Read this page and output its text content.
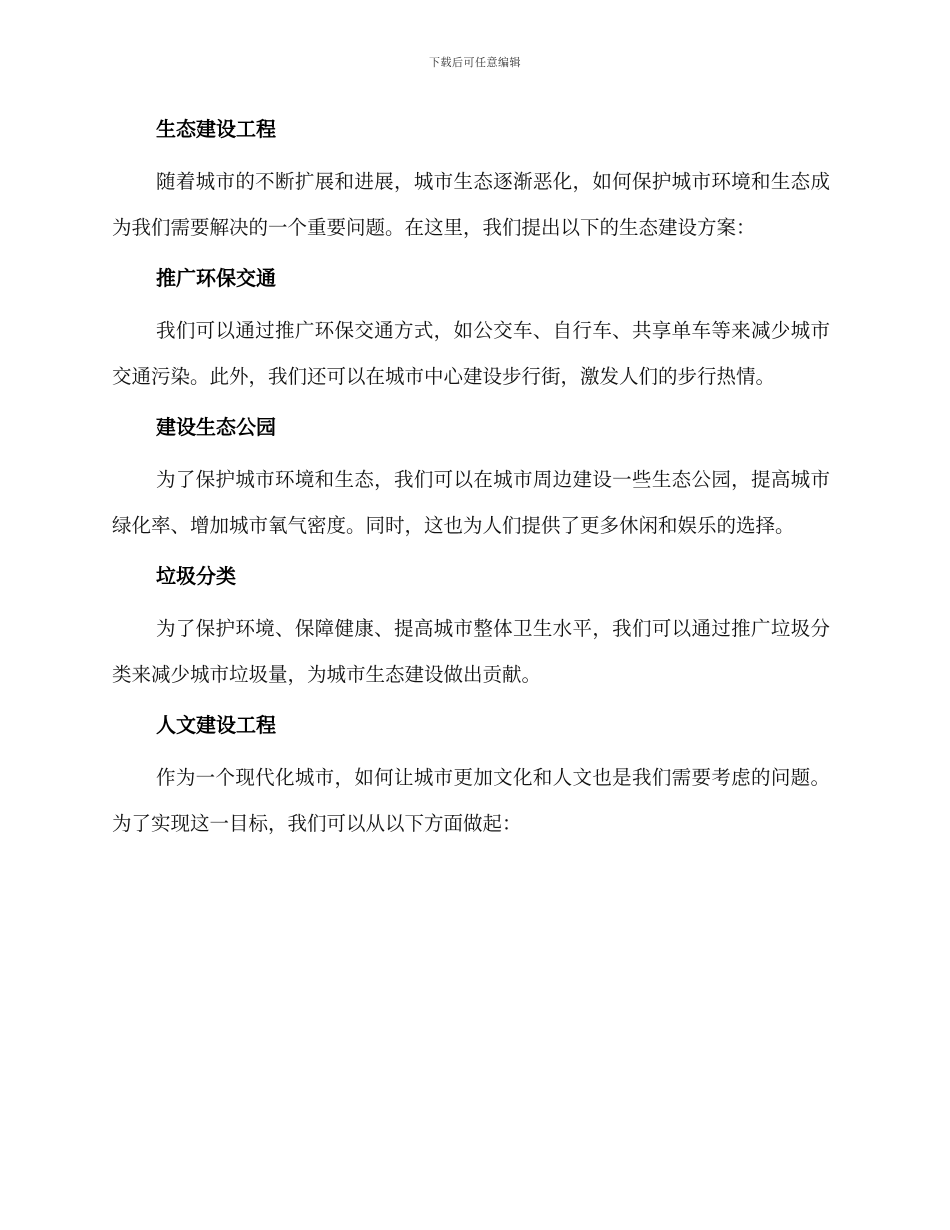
下载后可任意编辑
生态建设工程
随着城市的不断扩展和进展，城市生态逐渐恶化，如何保护城市环境和生态成为我们需要解决的一个重要问题。在这里，我们提出以下的生态建设方案：
推广环保交通
我们可以通过推广环保交通方式，如公交车、自行车、共享单车等来减少城市交通污染。此外，我们还可以在城市中心建设步行街，激发人们的步行热情。
建设生态公园
为了保护城市环境和生态，我们可以在城市周边建设一些生态公园，提高城市绿化率、增加城市氧气密度。同时，这也为人们提供了更多休闲和娱乐的选择。
垃圾分类
为了保护环境、保障健康、提高城市整体卫生水平，我们可以通过推广垃圾分类来减少城市垃圾量，为城市生态建设做出贡献。
人文建设工程
作为一个现代化城市，如何让城市更加文化和人文也是我们需要考虑的问题。为了实现这一目标，我们可以从以下方面做起：
